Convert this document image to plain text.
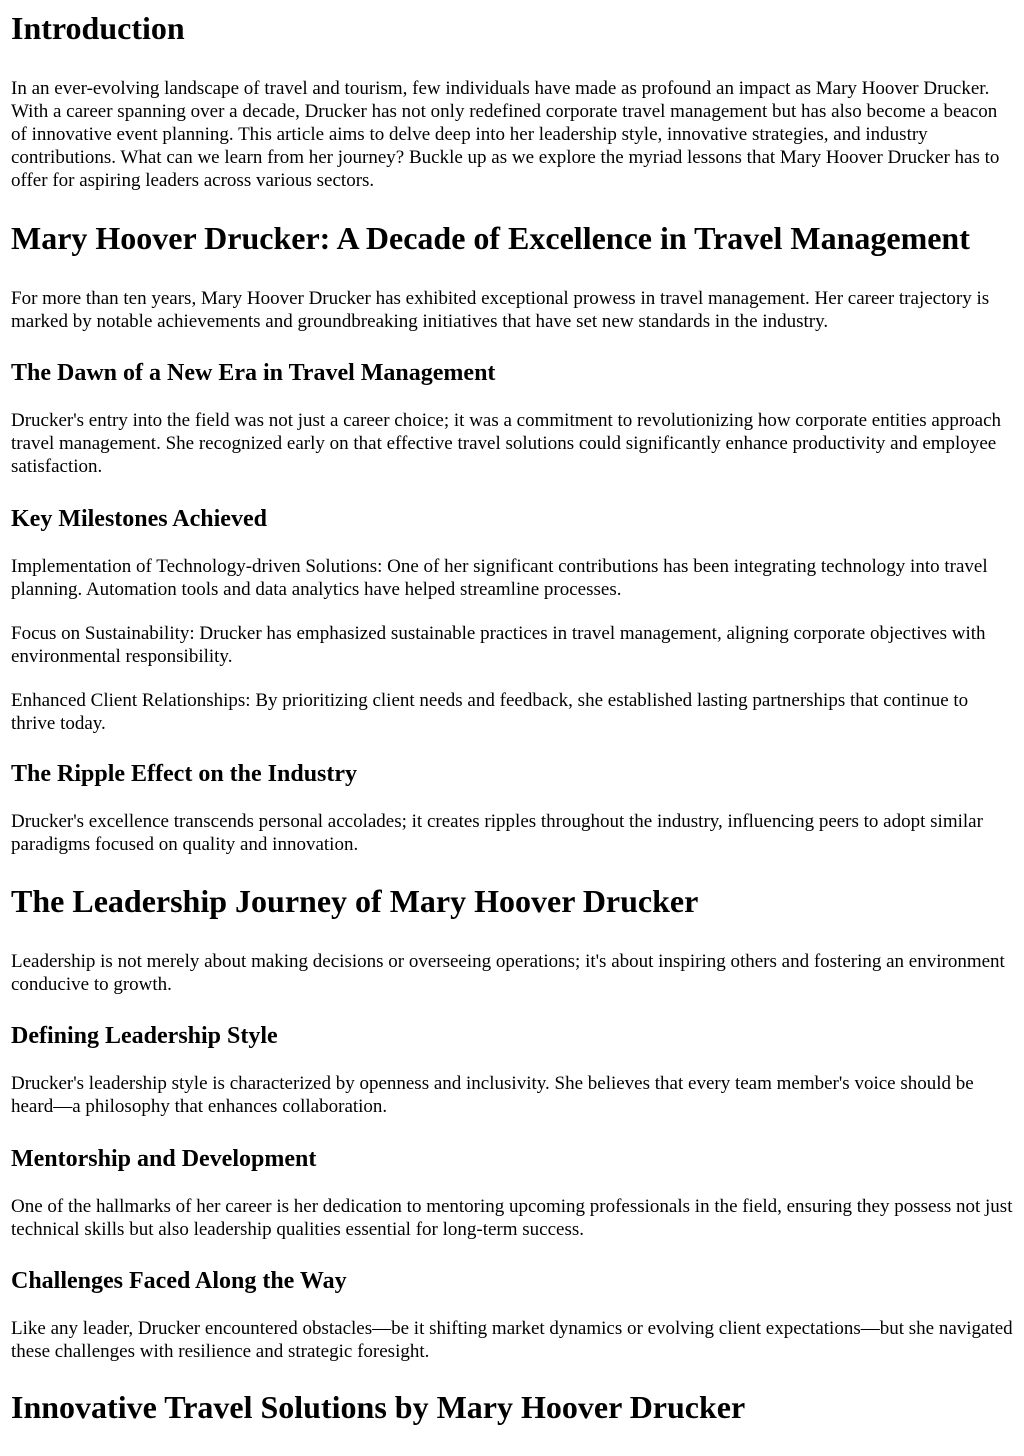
Introduction

In an ever-evolving landscape of travel and tourism, few individuals have made as profound an impact as Mary Hoover Drucker. With a career spanning over a decade, Drucker has not only redefined corporate travel management but has also become a beacon of innovative event planning. This article aims to delve deep into her leadership style, innovative strategies, and industry contributions. What can we learn from her journey? Buckle up as we explore the myriad lessons that Mary Hoover Drucker has to offer for aspiring leaders across various sectors.

Mary Hoover Drucker: A Decade of Excellence in Travel Management

For more than ten years, Mary Hoover Drucker has exhibited exceptional prowess in travel management. Her career trajectory is marked by notable achievements and groundbreaking initiatives that have set new standards in the industry.

The Dawn of a New Era in Travel Management

Drucker's entry into the field was not just a career choice; it was a commitment to revolutionizing how corporate entities approach travel management. She recognized early on that effective travel solutions could significantly enhance productivity and employee satisfaction.

Key Milestones Achieved

Implementation of Technology-driven Solutions: One of her significant contributions has been integrating technology into travel planning. Automation tools and data analytics have helped streamline processes.

Focus on Sustainability: Drucker has emphasized sustainable practices in travel management, aligning corporate objectives with environmental responsibility.

Enhanced Client Relationships: By prioritizing client needs and feedback, she established lasting partnerships that continue to thrive today.

The Ripple Effect on the Industry

Drucker's excellence transcends personal accolades; it creates ripples throughout the industry, influencing peers to adopt similar paradigms focused on quality and innovation.

The Leadership Journey of Mary Hoover Drucker

Leadership is not merely about making decisions or overseeing operations; it's about inspiring others and fostering an environment conducive to growth.

Defining Leadership Style

Drucker's leadership style is characterized by openness and inclusivity. She believes that every team member's voice should be heard—a philosophy that enhances collaboration.

Mentorship and Development

One of the hallmarks of her career is her dedication to mentoring upcoming professionals in the field, ensuring they possess not just technical skills but also leadership qualities essential for long-term success.

Challenges Faced Along the Way

Like any leader, Drucker encountered obstacles—be it shifting market dynamics or evolving client expectations—but she navigated these challenges with resilience and strategic foresight.

Innovative Travel Solutions by Mary Hoover Drucker
